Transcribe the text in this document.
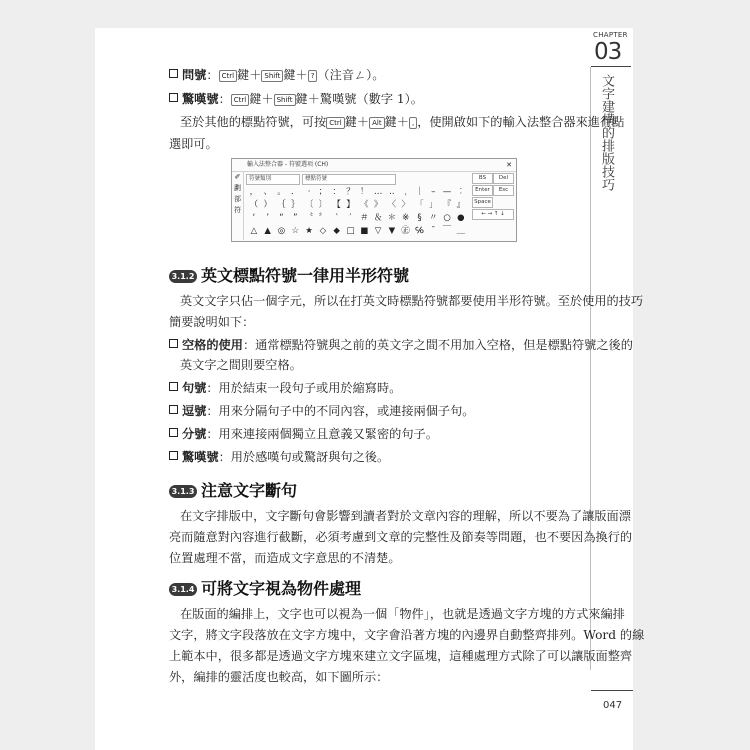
CHAPTER
03
文字建構的排版技巧
047
問號： Ctrl 鍵＋ Shift 鍵＋ ? （注音ㄥ）。
驚嘆號： Ctrl 鍵＋ Shift 鍵＋驚嘆號（數字 1）。
至於其他的標點符號，可按 Ctrl 鍵＋ Alt 鍵＋ , ，使開啟如下的輸入法整合器來進行點
選即可。
輸入法整合器 - 符號選項 (CH)	✕
✐
劃
部
符
符號類別	標點符號
， 、 。 ． ‧ ； ： ？ ！ … ‥ ﹐ ｜ – — ︰
（ ） ｛ ｝ 〔 〕 【 】 《 》 〈 〉 「 」 『 』
‘	’	“	” 〝 〞	‵	′	＃ ＆ ＊ ※ § 〃 ○ ●
△ ▲ ◎ ☆ ★ ◇ ◆ □ ■ ▽ ▼ ㊣ ℅ ¯ ￣ ＿
BS	Del
Enter	Esc
Space
← → ↑ ↓
3.1.2 英文標點符號一律用半形符號
英文文字只佔一個字元，所以在打英文時標點符號都要使用半形符號。至於使用的技巧
簡要說明如下：
空格的使用：通常標點符號與之前的英文字之間不用加入空格，但是標點符號之後的
英文字之間則要空格。
句號：用於結束一段句子或用於縮寫時。
逗號：用來分隔句子中的不同內容，或連接兩個子句。
分號：用來連接兩個獨立且意義又緊密的句子。
驚嘆號：用於感嘆句或驚訝與句之後。
3.1.3 注意文字斷句
在文字排版中，文字斷句會影響到讀者對於文章內容的理解，所以不要為了讓版面漂
亮而隨意對內容進行截斷，必須考慮到文章的完整性及節奏等問題，也不要因為換行的
位置處理不當，而造成文字意思的不清楚。
3.1.4 可將文字視為物件處理
在版面的編排上，文字也可以視為一個「物件」，也就是透過文字方塊的方式來編排
文字，將文字段落放在文字方塊中，文字會沿著方塊的內邊界自動整齊排列。Word 的線
上範本中，很多都是透過文字方塊來建立文字區塊，這種處理方式除了可以讓版面整齊
外，編排的靈活度也較高，如下圖所示：
